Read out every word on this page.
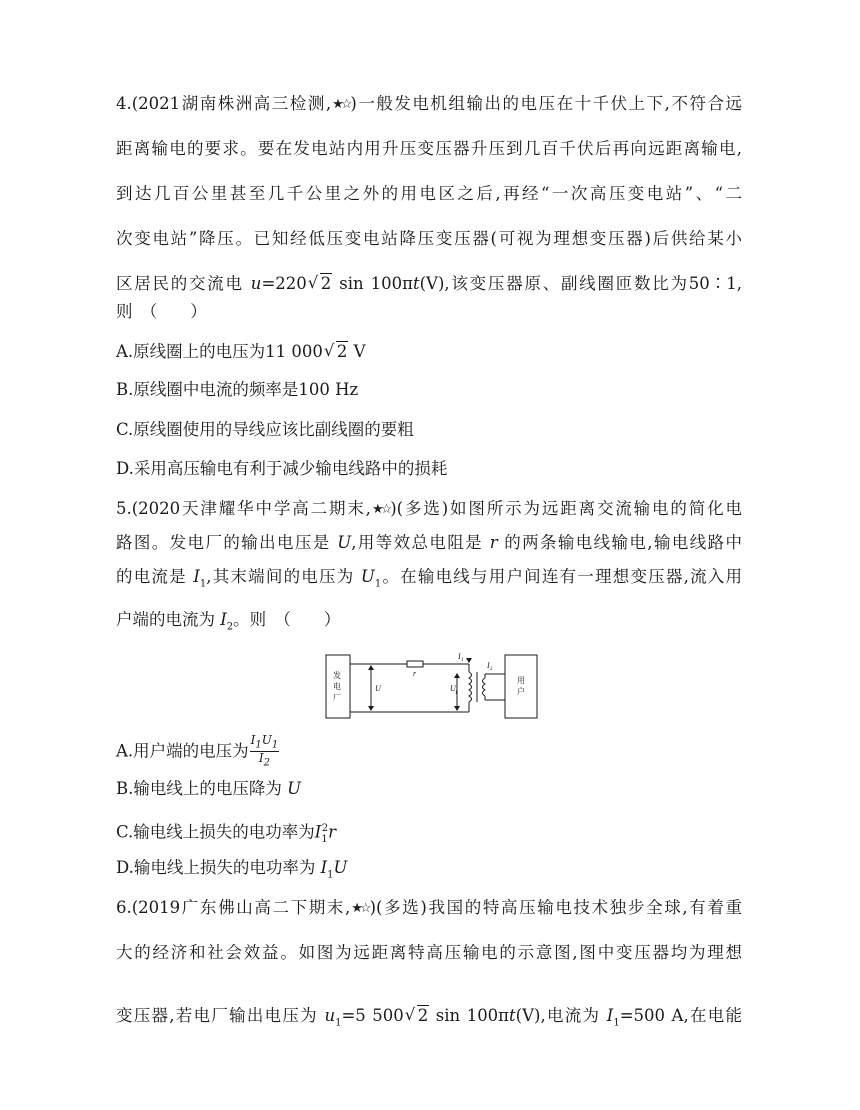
4.(2021湖南株洲高三检测,★☆)一般发电机组输出的电压在十千伏上下,不符合远
距离输电的要求。要在发电站内用升压变压器升压到几百千伏后再向远距离输电,
到达几百公里甚至几千公里之外的用电区之后,再经“一次高压变电站”、“二
次变电站”降压。已知经低压变电站降压变压器(可视为理想变压器)后供给某小
区居民的交流电 u=220 √ 2 sin 100πt(V),该变压器原、副线圈匝数比为50∶1,
则　（　　）
A.原线圈上的电压为11 000 √ 2 V
B.原线圈中电流的频率是100 Hz
C.原线圈使用的导线应该比副线圈的要粗
D.采用高压输电有利于减少输电线路中的损耗
5.(2020天津耀华中学高二期末,★☆)(多选)如图所示为远距离交流输电的简化电
路图。发电厂的输出电压是 U,用等效总电阻是 r 的两条输电线输电,输电线路中
的电流是 $I_1$,其末端间的电压为 $U_1$。在输电线与用户间连有一理想变压器,流入用
户端的电流为 $I_2$。则　（　　）
发
电
厂
用
户
U
r
U
1
I 1
I 2
A.用户端的电压为 $\frac{I_1U_1}{I_2}$
B.输电线上的电压降为 U
C.输电线上损失的电功率为$I_1^2r$
D.输电线上损失的电功率为 $I_1U$
6.(2019广东佛山高二下期末,★☆)(多选)我国的特高压输电技术独步全球,有着重
大的经济和社会效益。如图为远距离特高压输电的示意图,图中变压器均为理想
变压器,若电厂输出电压为 $u_1=5$ 500 √ 2 sin 100πt(V),电流为 $I_1=500$ A,在电能
